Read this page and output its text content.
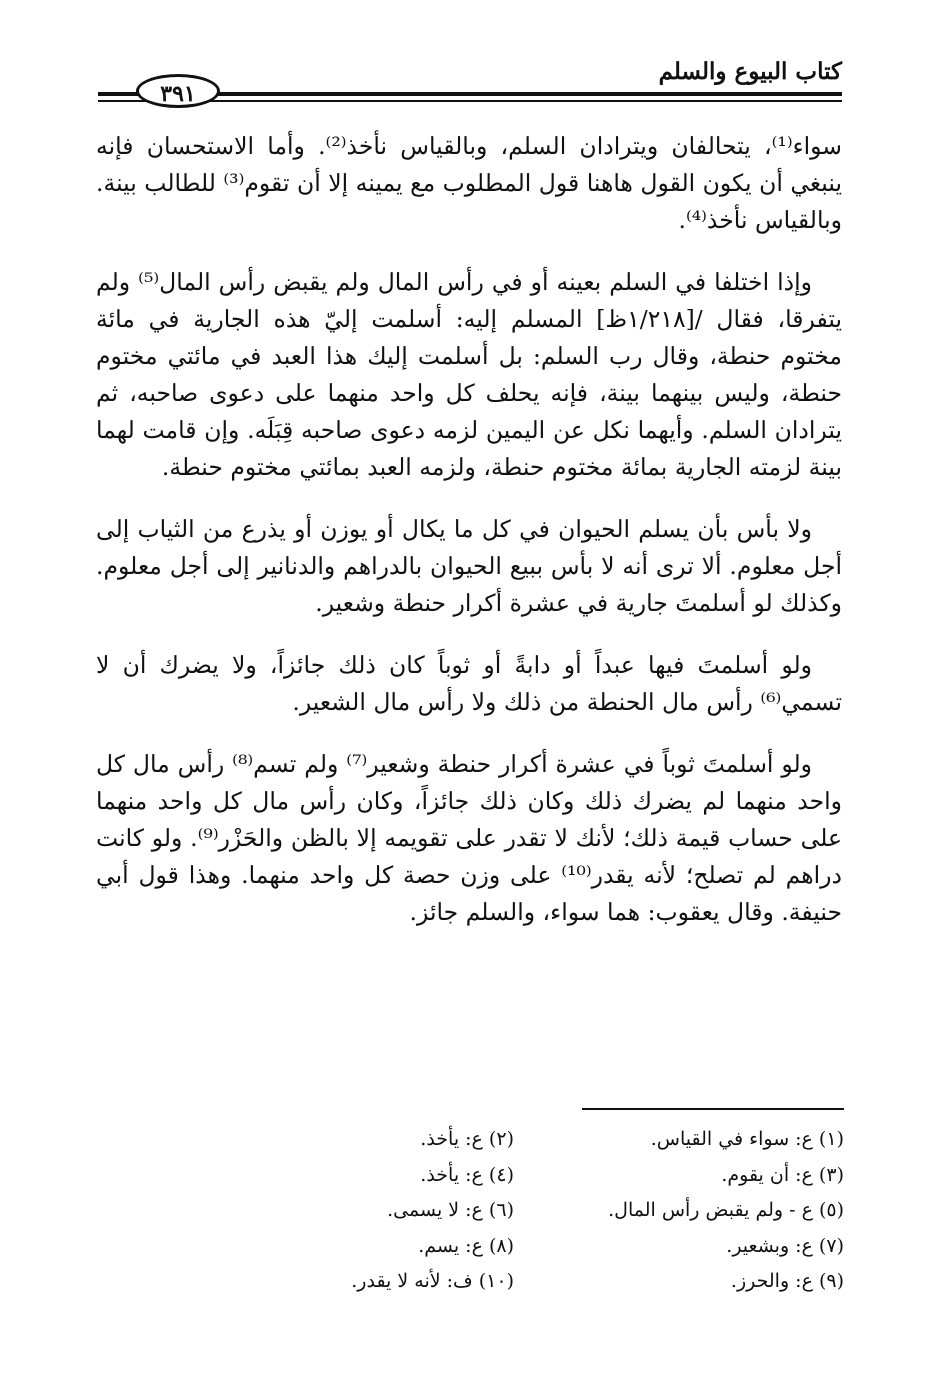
كتاب البيوع والسلم
٣٩١

سواء⁽¹⁾، يتحالفان ويترادان السلم، وبالقياس نأخذ⁽²⁾. وأما الاستحسان فإنه ينبغي أن يكون القول هاهنا قول المطلوب مع يمينه إلا أن تقوم⁽³⁾ للطالب بينة. وبالقياس نأخذ⁽⁴⁾.

وإذا اختلفا في السلم بعينه أو في رأس المال ولم يقبض رأس المال⁽⁵⁾ ولم يتفرقا، فقال /[١/٢١٨ظ] المسلم إليه: أسلمت إليّ هذه الجارية في مائة مختوم حنطة، وقال رب السلم: بل أسلمت إليك هذا العبد في مائتي مختوم حنطة، وليس بينهما بينة، فإنه يحلف كل واحد منهما على دعوى صاحبه، ثم يترادان السلم. وأيهما نكل عن اليمين لزمه دعوى صاحبه قِبَلَه. وإن قامت لهما بينة لزمته الجارية بمائة مختوم حنطة، ولزمه العبد بمائتي مختوم حنطة.

ولا بأس بأن يسلم الحيوان في كل ما يكال أو يوزن أو يذرع من الثياب إلى أجل معلوم. ألا ترى أنه لا بأس ببيع الحيوان بالدراهم والدنانير إلى أجل معلوم. وكذلك لو أسلمتَ جارية في عشرة أكرار حنطة وشعير.

ولو أسلمتَ فيها عبداً أو دابةً أو ثوباً كان ذلك جائزاً، ولا يضرك أن لا تسمي⁽⁶⁾ رأس مال الحنطة من ذلك ولا رأس مال الشعير.

ولو أسلمتَ ثوباً في عشرة أكرار حنطة وشعير⁽⁷⁾ ولم تسم⁽⁸⁾ رأس مال كل واحد منهما لم يضرك ذلك وكان ذلك جائزاً، وكان رأس مال كل واحد منهما على حساب قيمة ذلك؛ لأنك لا تقدر على تقويمه إلا بالظن والحَزْر⁽⁹⁾. ولو كانت دراهم لم تصلح؛ لأنه يقدر⁽¹⁰⁾ على وزن حصة كل واحد منهما. وهذا قول أبي حنيفة. وقال يعقوب: هما سواء، والسلم جائز.

(١) ع: سواء في القياس.
(٣) ع: أن يقوم.
(٥) ع - ولم يقبض رأس المال.
(٧) ع: وبشعير.
(٩) ع: والحرز.
(٢) ع: يأخذ.
(٤) ع: يأخذ.
(٦) ع: لا يسمى.
(٨) ع: يسم.
(١٠) ف: لأنه لا يقدر.
